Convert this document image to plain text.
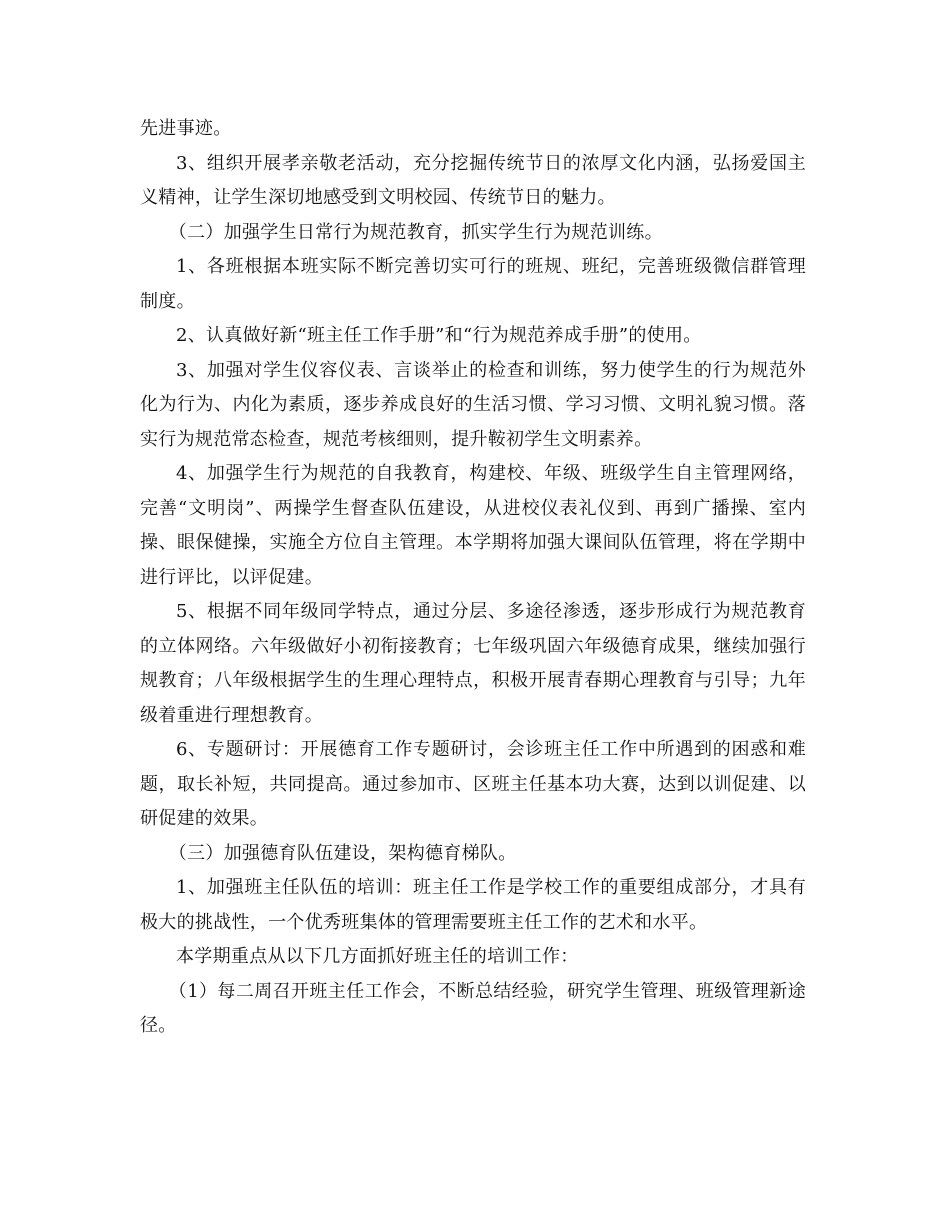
先进事迹。

3、组织开展孝亲敬老活动，充分挖掘传统节日的浓厚文化内涵，弘扬爱国主义精神，让学生深切地感受到文明校园、传统节日的魅力。

（二）加强学生日常行为规范教育，抓实学生行为规范训练。

1、各班根据本班实际不断完善切实可行的班规、班纪，完善班级微信群管理制度。

2、认真做好新“班主任工作手册”和“行为规范养成手册”的使用。

3、加强对学生仪容仪表、言谈举止的检查和训练，努力使学生的行为规范外化为行为、内化为素质，逐步养成良好的生活习惯、学习习惯、文明礼貌习惯。落实行为规范常态检查，规范考核细则，提升鞍初学生文明素养。

4、加强学生行为规范的自我教育，构建校、年级、班级学生自主管理网络，完善“文明岗”、两操学生督查队伍建设，从进校仪表礼仪到、再到广播操、室内操、眼保健操，实施全方位自主管理。本学期将加强大课间队伍管理，将在学期中进行评比，以评促建。

5、根据不同年级同学特点，通过分层、多途径渗透，逐步形成行为规范教育的立体网络。六年级做好小初衔接教育；七年级巩固六年级德育成果，继续加强行规教育；八年级根据学生的生理心理特点，积极开展青春期心理教育与引导；九年级着重进行理想教育。

6、专题研讨：开展德育工作专题研讨，会诊班主任工作中所遇到的困惑和难题，取长补短，共同提高。通过参加市、区班主任基本功大赛，达到以训促建、以研促建的效果。

（三）加强德育队伍建设，架构德育梯队。

1、加强班主任队伍的培训：班主任工作是学校工作的重要组成部分，才具有极大的挑战性，一个优秀班集体的管理需要班主任工作的艺术和水平。

本学期重点从以下几方面抓好班主任的培训工作：

（1）每二周召开班主任工作会，不断总结经验，研究学生管理、班级管理新途径。
